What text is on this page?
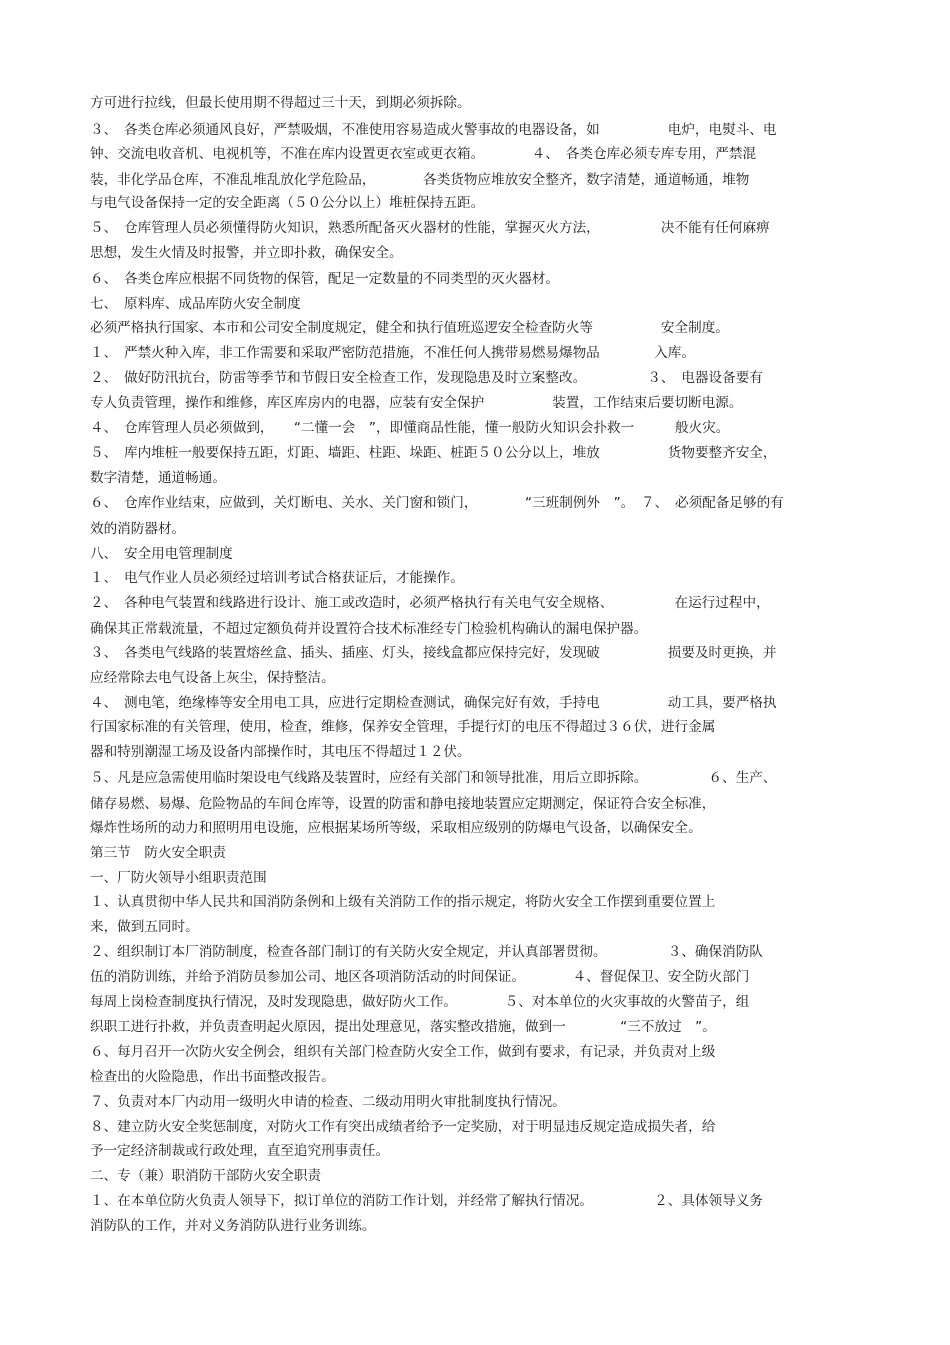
方可进行拉线，但最长使用期不得超过三十天，到期必须拆除。
３、　各类仓库必须通风良好，严禁吸烟，不准使用容易造成火警事故的电器设备，如　　　　　电炉，电熨斗、电
钟、交流电收音机、电视机等，不准在库内设置更衣室或更衣箱。　　　　４、　各类仓库必须专库专用，严禁混
装，非化学品仓库，不准乱堆乱放化学危险品，　　　　各类货物应堆放安全整齐，数字清楚，通道畅通，堆物
与电气设备保持一定的安全距离（５０公分以上）堆桩保持五距。
５、　仓库管理人员必须懂得防火知识，熟悉所配备灭火器材的性能，掌握灭火方法，　　　　　决不能有任何麻痹
思想，发生火情及时报警，并立即扑救，确保安全。
６、　各类仓库应根据不同货物的保管，配足一定数量的不同类型的灭火器材。
七、　原料库、成品库防火安全制度
必须严格执行国家、本市和公司安全制度规定，健全和执行值班巡逻安全检查防火等　　　　　安全制度。
１、　严禁火种入库，非工作需要和采取严密防范措施，不准任何人携带易燃易爆物品　　　　入库。
２、　做好防汛抗台，防雷等季节和节假日安全检查工作，发现隐患及时立案整改。　　　　　３、　电器设备要有
专人负责管理，操作和维修，库区库房内的电器，应装有安全保护　　　　　装置，工作结束后要切断电源。
４、　仓库管理人员必须做到，　　“二懂一会　”，即懂商品性能，懂一般防火知识会扑救一　　　般火灾。
５、　库内堆桩一般要保持五距，灯距、墙距、柱距、垛距、桩距５０公分以上，堆放　　　　　货物要整齐安全，
数字清楚，通道畅通。
６、　仓库作业结束，应做到，关灯断电、关水、关门窗和锁门，　　　　“三班制例外　”。　７、　必须配备足够的有
效的消防器材。
八、　安全用电管理制度
１、　电气作业人员必须经过培训考试合格获证后，才能操作。
２、　各种电气装置和线路进行设计、施工或改造时，必须严格执行有关电气安全规格、　　　　　在运行过程中，
确保其正常载流量，不超过定额负荷并设置符合技术标准经专门检验机构确认的漏电保护器。
３、　各类电气线路的装置熔丝盒、插头、插座、灯头，接线盒都应保持完好，发现破　　　　　损要及时更换，并
应经常除去电气设备上灰尘，保持整洁。
４、　测电笔，绝缘棒等安全用电工具，应进行定期检查测试，确保完好有效，手持电　　　　　动工具，要严格执
行国家标准的有关管理，使用，检查，维修，保养安全管理，手提行灯的电压不得超过３６伏，进行金属
器和特别潮湿工场及设备内部操作时，其电压不得超过１２伏。
５、凡是应急需使用临时架设电气线路及装置时，应经有关部门和领导批准，用后立即拆除。　　　　　６、生产、
储存易燃、易爆、危险物品的车间仓库等，设置的防雷和静电接地装置应定期测定，保证符合安全标准，
爆炸性场所的动力和照明用电设施，应根据某场所等级，采取相应级别的防爆电气设备，以确保安全。
第三节　防火安全职责
一、厂防火领导小组职责范围
１、认真贯彻中华人民共和国消防条例和上级有关消防工作的指示规定，将防火安全工作摆到重要位置上
来，做到五同时。
２、组织制订本厂消防制度，检查各部门制订的有关防火安全规定，并认真部署贯彻。　　　　　３、确保消防队
伍的消防训练，并给予消防员参加公司、地区各项消防活动的时间保证。　　　　４、督促保卫、安全防火部门
每周上岗检查制度执行情况，及时发现隐患，做好防火工作。　　　　５、对本单位的火灾事故的火警苗子，组
织职工进行扑救，并负责查明起火原因，提出处理意见，落实整改措施，做到一　　　　“三不放过　”。
６、每月召开一次防火安全例会，组织有关部门检查防火安全工作，做到有要求，有记录，并负责对上级
检查出的火险隐患，作出书面整改报告。
７、负责对本厂内动用一级明火申请的检查、二级动用明火审批制度执行情况。
８、建立防火安全奖惩制度，对防火工作有突出成绩者给予一定奖励，对于明显违反规定造成损失者，给
予一定经济制裁或行政处理，直至追究刑事责任。
二、专（兼）职消防干部防火安全职责
１、在本单位防火负责人领导下，拟订单位的消防工作计划，并经常了解执行情况。　　　　　２、具体领导义务
消防队的工作，并对义务消防队进行业务训练。
